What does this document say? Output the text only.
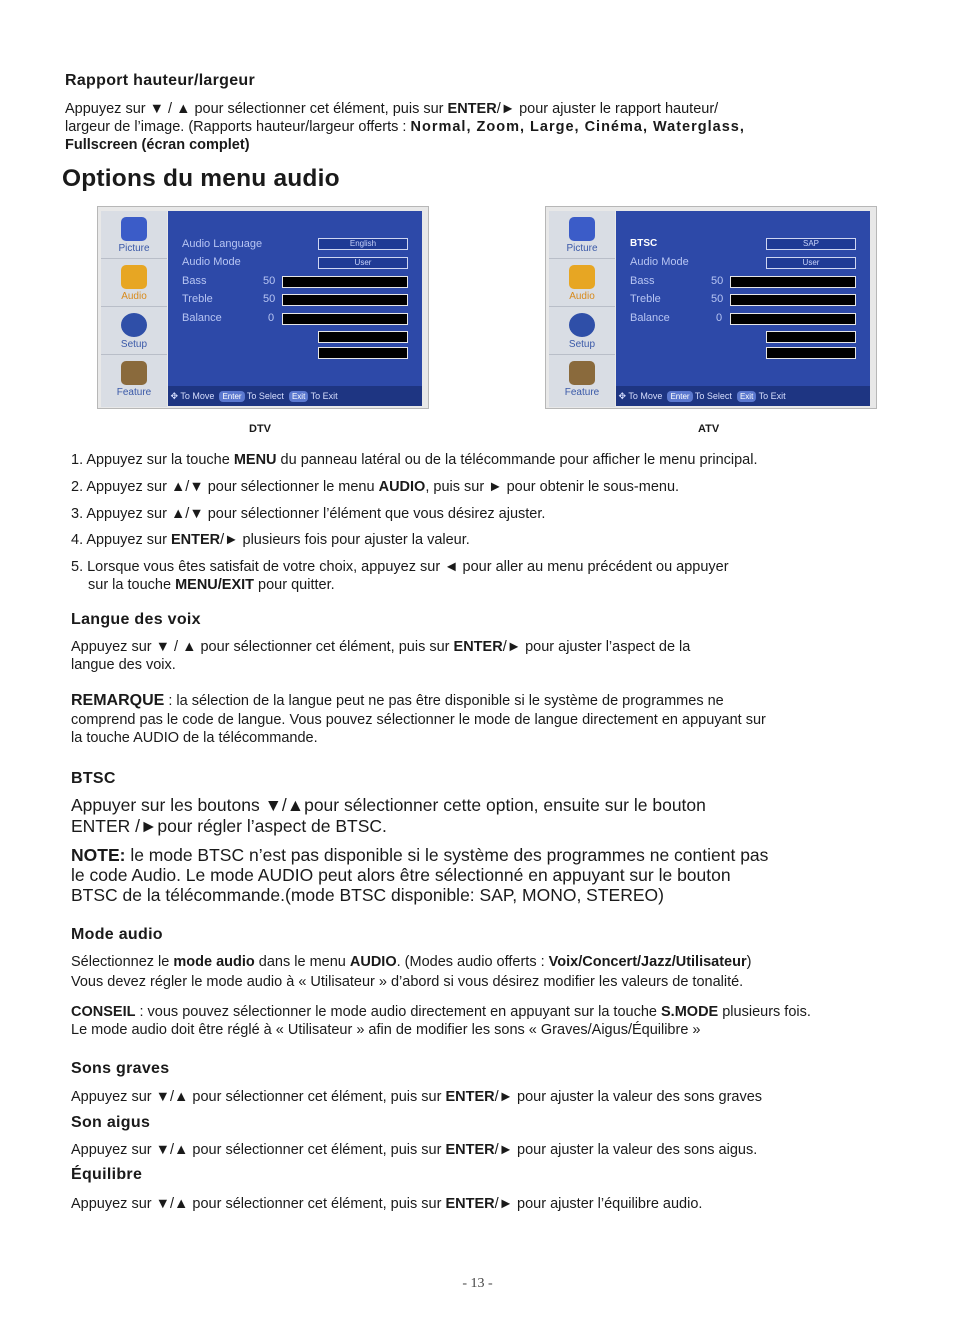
Rapport hauteur/largeur
Appuyez sur ▼ / ▲ pour sélectionner cet élément, puis sur ENTER/► pour ajuster le rapport hauteur/
largeur de l’image. (Rapports hauteur/largeur offerts : Normal, Zoom, Large, Cinéma, Waterglass,
Fullscreen (écran complet)
Options du menu audio
Picture
Audio
Setup
Feature
Audio Language	English
Audio Mode	User
Bass	50
Treble	50
Balance	0
✥ To Move Enter To Select Exit To Exit
DTV
Picture
Audio
Setup
Feature
BTSC	SAP
Audio Mode	User
Bass	50
Treble	50
Balance	0
✥ To Move Enter To Select Exit To Exit
ATV
1. Appuyez sur la touche MENU du panneau latéral ou de la télécommande pour afficher le menu principal.
2. Appuyez sur ▲/▼ pour sélectionner le menu AUDIO, puis sur ► pour obtenir le sous-menu.
3. Appuyez sur ▲/▼ pour sélectionner l’élément que vous désirez ajuster.
4. Appuyez sur ENTER/► plusieurs fois pour ajuster la valeur.
5. Lorsque vous êtes satisfait de votre choix, appuyez sur ◄ pour aller au menu précédent ou appuyer
sur la touche MENU/EXIT pour quitter.
Langue des voix
Appuyez sur ▼ / ▲ pour sélectionner cet élément, puis sur ENTER/► pour ajuster l’aspect de la
langue des voix.
REMARQUE : la sélection de la langue peut ne pas être disponible si le système de programmes ne
comprend pas le code de langue. Vous pouvez sélectionner le mode de langue directement en appuyant sur
la touche AUDIO de la télécommande.
BTSC
Appuyer sur les boutons ▼/▲pour sélectionner cette option, ensuite sur le bouton
ENTER /►pour régler l’aspect de BTSC.
NOTE: le mode BTSC n’est pas disponible si le système des programmes ne contient pas
le code Audio. Le mode AUDIO peut alors être sélectionné en appuyant sur le bouton
BTSC de la télécommande.(mode BTSC disponible: SAP, MONO, STEREO)
Mode audio
Sélectionnez le mode audio dans le menu AUDIO. (Modes audio offerts : Voix/Concert/Jazz/Utilisateur)
Vous devez régler le mode audio à « Utilisateur » d’abord si vous désirez modifier les valeurs de tonalité.
CONSEIL : vous pouvez sélectionner le mode audio directement en appuyant sur la touche S.MODE plusieurs fois.
Le mode audio doit être réglé à « Utilisateur » afin de modifier les sons « Graves/Aigus/Équilibre »
Sons graves
Appuyez sur ▼/▲ pour sélectionner cet élément, puis sur ENTER/► pour ajuster la valeur des sons graves
Son aigus
Appuyez sur ▼/▲ pour sélectionner cet élément, puis sur ENTER/► pour ajuster la valeur des sons aigus.
Équilibre
Appuyez sur ▼/▲ pour sélectionner cet élément, puis sur ENTER/► pour ajuster l’équilibre audio.
- 13 -
